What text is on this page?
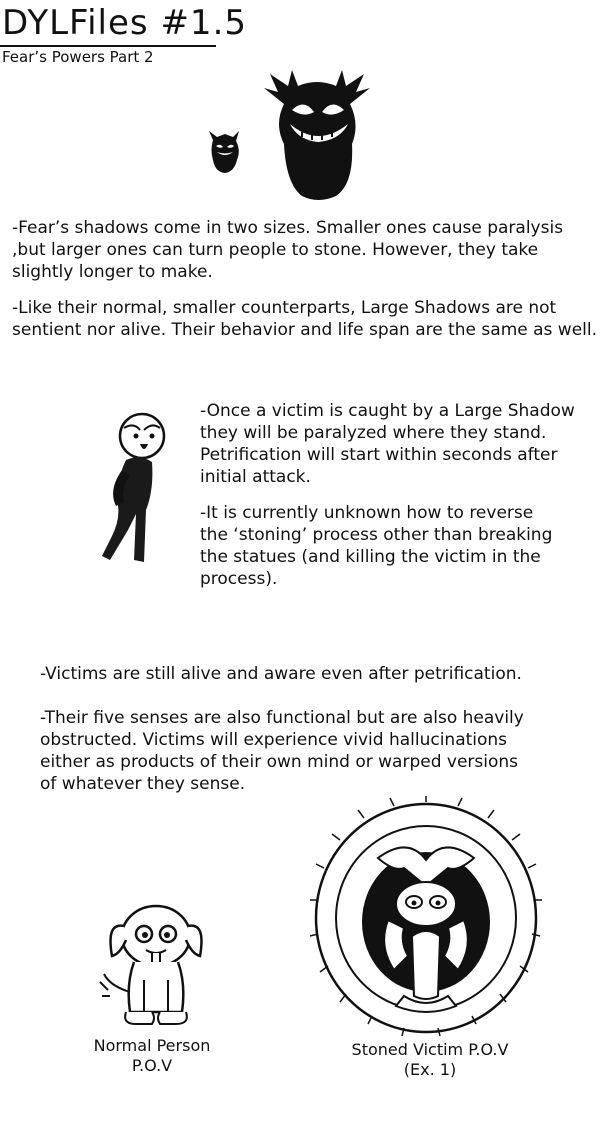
DYLFiles #1.5
Fear’s Powers Part 2

-Fear’s shadows come in two sizes. Smaller ones cause paralysis
,but larger ones can turn people to stone. However, they take
slightly longer to make.

-Like their normal, smaller counterparts, Large Shadows are not
sentient nor alive. Their behavior and life span are the same as well.

-Once a victim is caught by a Large Shadow
they will be paralyzed where they stand.
Petrification will start within seconds after
initial attack.

-It is currently unknown how to reverse
the ‘stoning’ process other than breaking
the statues (and killing the victim in the
process).

-Victims are still alive and aware even after petrification.

-Their five senses are also functional but are also heavily
obstructed. Victims will experience vivid hallucinations
either as products of their own mind or warped versions
of whatever they sense.

Normal Person
P.O.V
Stoned Victim P.O.V
(Ex. 1)
